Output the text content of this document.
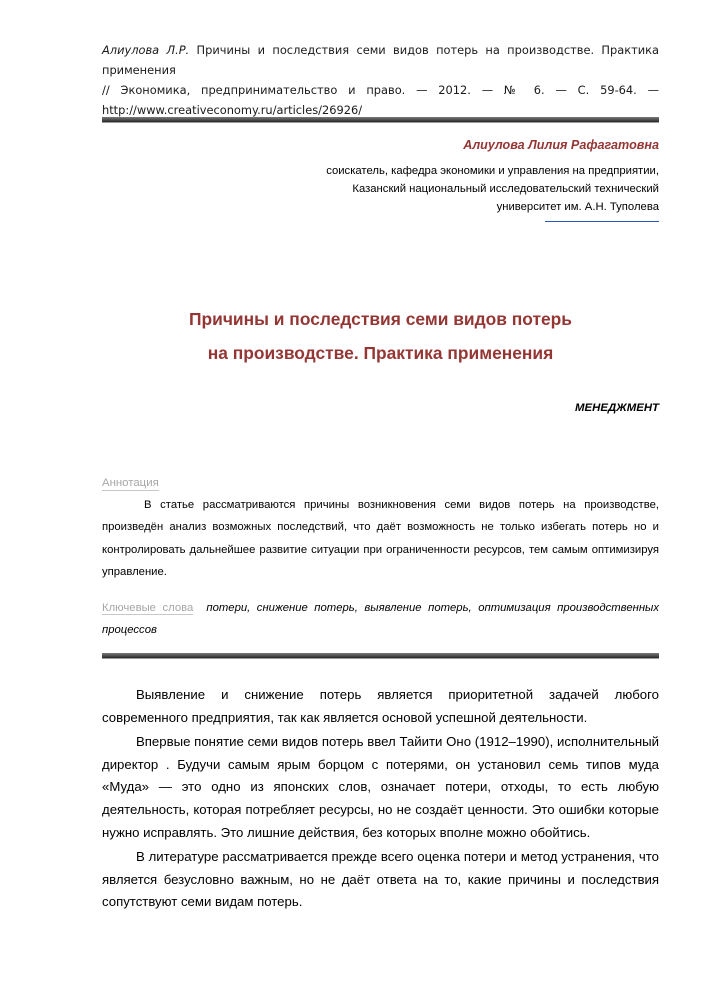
Алиулова Л.Р. Причины и последствия семи видов потерь на производстве. Практика применения
// Экономика, предпринимательство и право. — 2012. — № 6. — С. 59-64. —
http://www.creativeconomy.ru/articles/26926/
Алиулова Лилия Рафагатовна
соискатель, кафедра экономики и управления на предприятии,
Казанский национальный исследовательский технический
университет им. А.Н. Туполева
Причины и последствия семи видов потерь
на производстве. Практика применения
МЕНЕДЖМЕНТ
Аннотация
В статье рассматриваются причины возникновения семи видов потерь на производстве, произведён анализ возможных последствий, что даёт возможность не только избегать потерь но и контролировать дальнейшее развитие ситуации при ограниченности ресурсов, тем самым оптимизируя управление.
Ключевые слова потери, снижение потерь, выявление потерь, оптимизация производственных процессов

Выявление и снижение потерь является приоритетной задачей любого современного предприятия, так как является основой успешной деятельности.

Впервые понятие семи видов потерь ввел Тайити Оно (1912–1990), исполнительный директор . Будучи самым ярым борцом с потерями, он установил семь типов муда «Муда» — это одно из японских слов, означает потери, отходы, то есть любую деятельность, которая потребляет ресурсы, но не создаёт ценности. Это ошибки которые нужно исправлять. Это лишние действия, без которых вполне можно обойтись.

В литературе рассматривается прежде всего оценка потери и метод устранения, что является безусловно важным, но не даёт ответа на то, какие причины и последствия сопутствуют семи видам потерь.
